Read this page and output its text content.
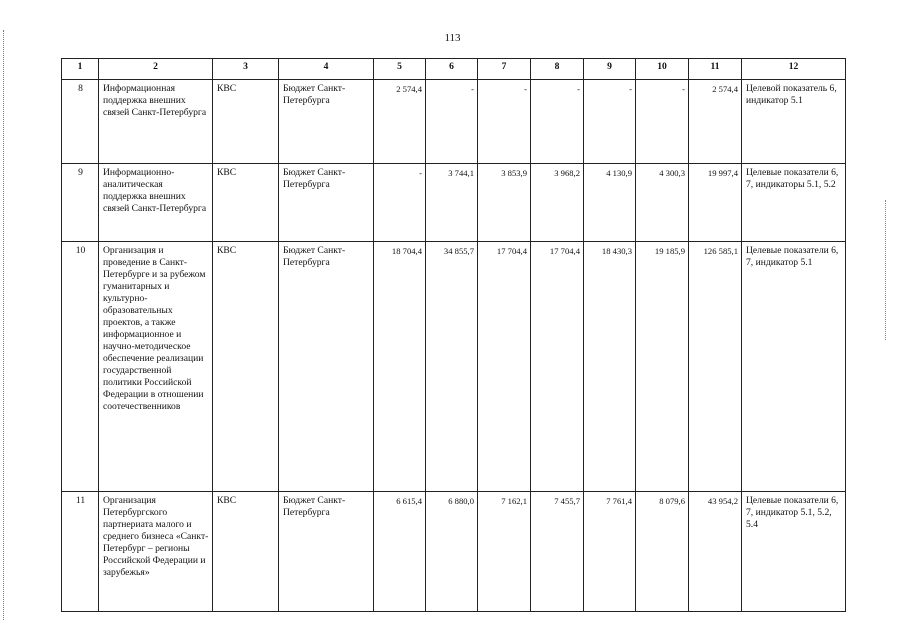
113
1	2	3	4	5	6	7	8	9	10	11	12
8	Информационная поддержка внешних связей Санкт-Петербурга	КВС	Бюджет Санкт-Петербурга	2 574,4	-	-	-	-	-	2 574,4	Целевой показатель 6, индикатор 5.1
9	Информационно-аналитическая поддержка внешних связей Санкт-Петербурга	КВС	Бюджет Санкт-Петербурга	-	3 744,1	3 853,9	3 968,2	4 130,9	4 300,3	19 997,4	Целевые показатели 6, 7, индикаторы 5.1, 5.2
10	Организация и проведение в Санкт-Петербурге и за рубежом гуманитарных и культурно-образовательных проектов, а также информационное и научно-методическое обеспечение реализации государственной политики Российской Федерации в отношении соотечественников	КВС	Бюджет Санкт-Петербурга	18 704,4	34 855,7	17 704,4	17 704,4	18 430,3	19 185,9	126 585,1	Целевые показатели 6, 7, индикатор 5.1
11	Организация Петербургского партнериата малого и среднего бизнеса «Санкт-Петербург – регионы Российской Федерации и зарубежья»	КВС	Бюджет Санкт-Петербурга	6 615,4	6 880,0	7 162,1	7 455,7	7 761,4	8 079,6	43 954,2	Целевые показатели 6, 7, индикатор 5.1, 5.2, 5.4
